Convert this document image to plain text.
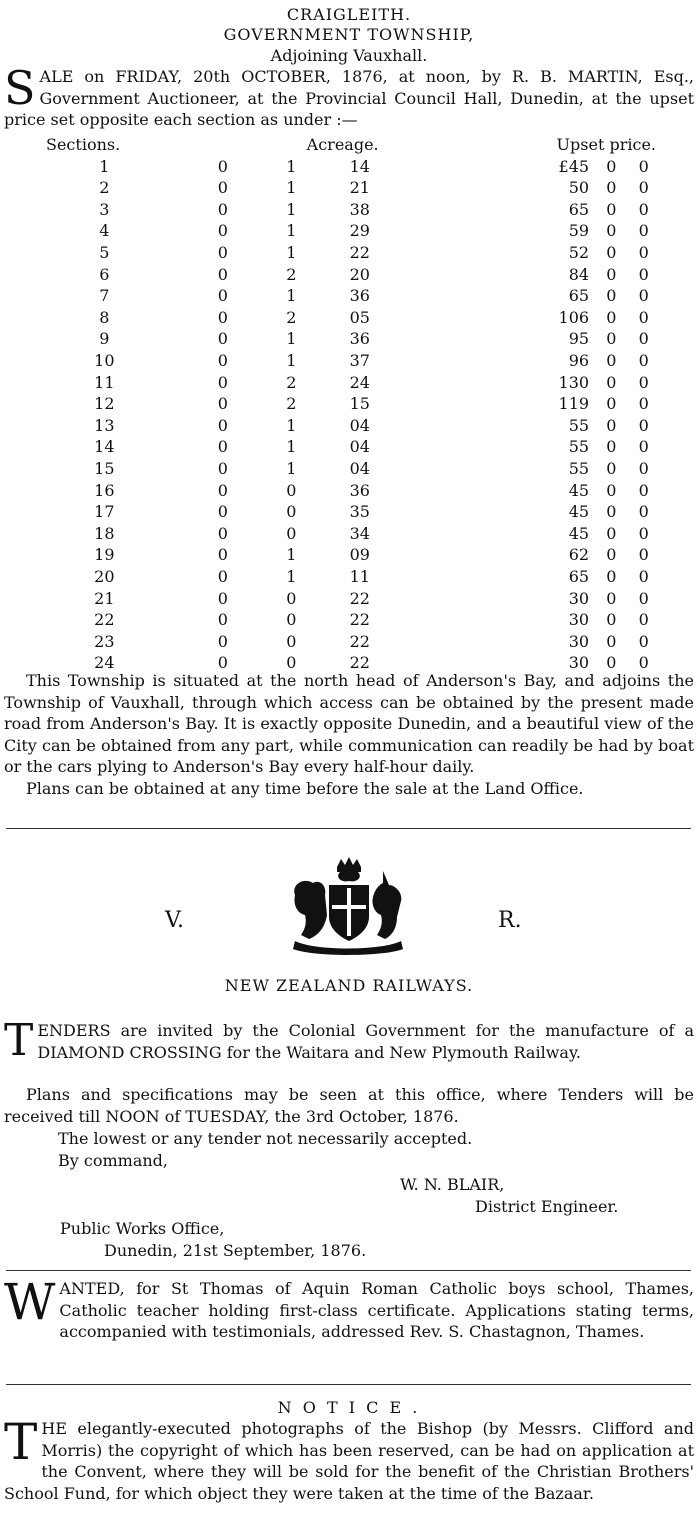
CRAIGLEITH.
GOVERNMENT TOWNSHIP,
Adjoining Vauxhall.
S ALE on FRIDAY, 20th OCTOBER, 1876, at noon, by R. B. MARTIN, Esq., Government Auctioneer, at the Provincial Council Hall, Dunedin, at the upset price set opposite each section as under :—
Sections.	Acreage.				Upset price.		
1	0	1	14		£45	0	0
2	0	1	21		50	0	0
3	0	1	38		65	0	0
4	0	1	29		59	0	0
5	0	1	22		52	0	0
6	0	2	20		84	0	0
7	0	1	36		65	0	0
8	0	2	05		106	0	0
9	0	1	36		95	0	0
10	0	1	37		96	0	0
11	0	2	24		130	0	0
12	0	2	15		119	0	0
13	0	1	04		55	0	0
14	0	1	04		55	0	0
15	0	1	04		55	0	0
16	0	0	36		45	0	0
17	0	0	35		45	0	0
18	0	0	34		45	0	0
19	0	1	09		62	0	0
20	0	1	11		65	0	0
21	0	0	22		30	0	0
22	0	0	22		30	0	0
23	0	0	22		30	0	0
24	0	0	22		30	0	0
This Township is situated at the north head of Anderson's Bay, and adjoins the Township of Vauxhall, through which access can be obtained by the present made road from Anderson's Bay. It is exactly opposite Dunedin, and a beautiful view of the City can be obtained from any part, while communication can readily be had by boat or the cars plying to Anderson's Bay every half-hour daily.
Plans can be obtained at any time before the sale at the Land Office.
V.	R.
NEW ZEALAND RAILWAYS.
T ENDERS are invited by the Colonial Government for the manufacture of a DIAMOND CROSSING for the Waitara and New Plymouth Railway.
Plans and specifications may be seen at this office, where Tenders will be received till NOON of TUESDAY, the 3rd October, 1876.
The lowest or any tender not necessarily accepted.
By command,
W. N. BLAIR,
District Engineer.
Public Works Office,
Dunedin, 21st September, 1876.
W ANTED, for St Thomas of Aquin Roman Catholic boys school, Thames, Catholic teacher holding first-class certificate. Applications stating terms, accompanied with testimonials, addressed Rev. S. Chastagnon, Thames.
N O T I C E .
T HE elegantly-executed photographs of the Bishop (by Messrs. Clifford and Morris) the copyright of which has been reserved, can be had on application at the Convent, where they will be sold for the benefit of the Christian Brothers' School Fund, for which object they were taken at the time of the Bazaar.
